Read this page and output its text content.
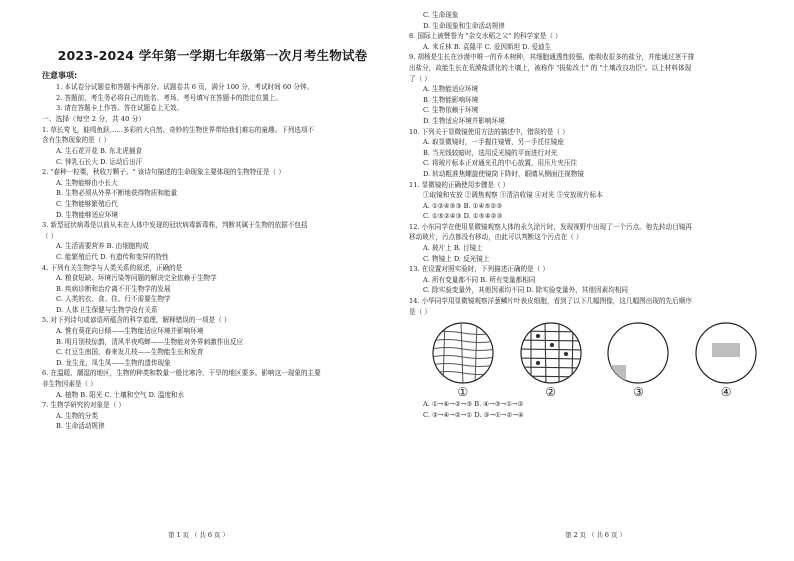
2023-2024 学年第一学期七年级第一次月考生物试卷
注意事项:
1. 本试卷分试题卷和答题卡两部分。试题卷共 6 页，满分 100 分，考试时间 60 分钟。
2. 答题前，考生务必将自己的姓名、考场、考号填写在答题卡的指定位置上。
3. 请在答题卡上作答。答在试题卷上无效。
一、选择（每空 2 分，共 40 分）
1. 草长莺飞，蛙鸣鱼跃……多彩的大自然、奇妙的生物世界带给我们难忘的童趣。下列选项不
含有生物现象的是（ ）
A. 生石花开花 B. 东北虎捕食
C. 钟乳石长大 D. 运动后出汗
2. "春种一粒粟，秋收万颗子。" 该诗句描述的生命现象主要体现的生物特征是（ ）
A. 生物能够由小长大
B. 生物必须从外界不断地获得物质和能量
C. 生物能够繁殖后代
D. 生物能够适应环境
3. 新型冠状病毒是以前从未在人体中发现的冠状病毒新毒株，判断其属于生物的依据不包括
（ ）
A. 生活需要营养 B. 由细胞构成
C. 能繁殖后代 D. 有遗传和变异的特性
4. 下列有关生物学与人类关系的叙述，正确的是
A. 粮食短缺、环境污染等问题的解决完全依赖于生物学
B. 疾病诊断和治疗离不开生物学的发展
C. 人类的衣、食、住、行不需要生物学
D. 人体卫生保健与生物学没有关系
5. 对下列诗句或谚语所蕴含的科学道理，解释错误的一项是（ ）
A. 惟有葵花向日倾——生物能适应环境并影响环境
B. 明月别枝惊鹊，清风半夜鸣蝉——生物能对外界刺激作出反应
C. 红豆生南国，春来发几枝——生物能生长和发育
D. 龙生龙，凤生凤——生物的遗传现象
6. 在温暖、潮湿的地区，生物的种类和数量一般比寒冷、干旱的地区要多。影响这一现象的主要
非生物因素是（ ）
A. 植物 B. 阳光 C. 土壤和空气 D. 温度和水
7. 生物学研究的对象是（ ）
A. 生物的分类
B. 生命活动规律
第 1 页 （ 共 6 页 ）
C. 生命现象
D. 生命现象和生命活动规律
8. 国际上被赞誉为 "杂交水稻之父" 的科学家是（ ）
A. 米丘林 B. 袁隆平 C. 爱因斯坦 D. 爱迪生
9. 胡杨是生长在沙漠中唯一的乔木树种，其细胞通透性较强，能吸收很多的盐分，并能通过茎干排
出盐分，故能生长在荒漠盐渍化的土壤上，被称作 "拔盐改土" 的 "土壤改良功臣"。以上材料体现
了（ ）
A. 生物能适应环境
B. 生物能影响环境
C. 生物依赖于环境
D. 生物适应环境并影响环境
10. 下列关于显微镜使用方法的描述中，错误的是（ ）
A. 取显微镜时，一手握住镜臂，另一手托住镜座
B. 当光线较暗时，选用反光镜的平面进行对光
C. 将玻片标本正对通光孔的中心放置，用压片夹压住
D. 转动粗准焦螺旋使镜筒下降时，眼睛从侧面注视物镜
11. 显微镜的正确使用步骤是（ ）
①取镜和安放 ②调焦观察 ③清洁收镜 ④对光 ⑤安放玻片标本
A. ①②④⑤③ B. ①④⑤②③
C. ①⑤②④③ D. ①⑤④②③
12. 小东同学在使用显微镜观察人体的永久涂片时，发现视野中出现了一个污点。他先转动目镜再
移动玻片，污点都没有移动，由此可以判断这个污点在（ ）
A. 玻片上 B. 目镜上
C. 物镜上 D. 反光镜上
13. 在设置对照实验时，下列描述正确的是（ ）
A. 所有变量都不同 B. 所有变量都相同
C. 除实验变量外，其他因素均不同 D. 除实验变量外，其他因素均相同
14. 小华同学用显微镜观察洋葱鳞片叶表皮细胞，看到了以下几幅图像，这几幅图出现的先后顺序
是（ ）
①	②	③	④
A. ①→④→②→③ B. ④→③→①→②
C. ③→④→②→① D. ③→①→②→④
第 2 页 （ 共 6 页 ）
